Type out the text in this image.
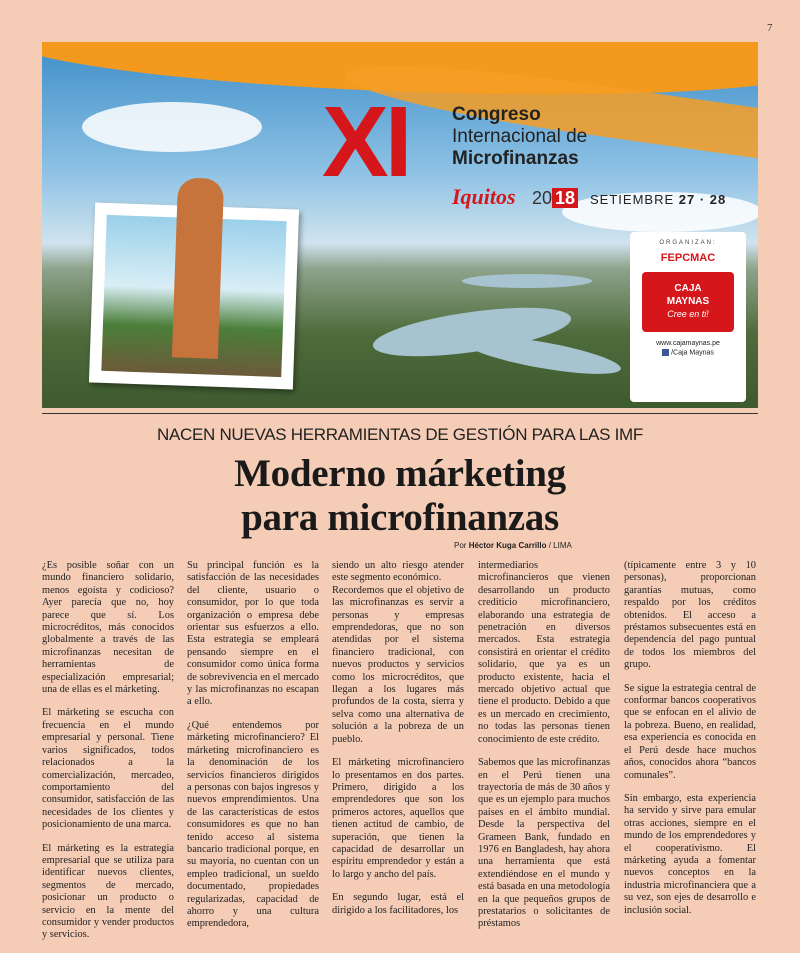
7
XI Congreso
Internacional de
Microfinanzas
Iquitos 20 18 SETIEMBRE 27 · 28
ORGANIZAN:
FEPCMAC
CAJA
MAYNAS
Cree en ti!
www.cajamaynas.pe
/Caja Maynas
NACEN NUEVAS HERRAMIENTAS DE GESTIÓN PARA LAS IMF
Moderno márketing
para microfinanzas
Por Héctor Kuga Carrillo / LIMA

¿Es posible soñar con un mundo financiero solidario, menos egoísta y codicioso? Ayer parecía que no, hoy parece que sí. Los microcréditos, más conocidos globalmente a través de las microfinanzas necesitan de herramientas de especialización empresarial; una de ellas es el márketing.

El márketing se escucha con frecuencia en el mundo empresarial y personal. Tiene varios significados, todos relacionados a la comercialización, mercadeo, comportamiento del consumidor, satisfacción de las necesidades de los clientes y posicionamiento de una marca.

El márketing es la estrategia empresarial que se utiliza para identificar nuevos clientes, segmentos de mercado, posicionar un producto o servicio en la mente del consumidor y vender productos y servicios.

Su principal función es la satisfacción de las necesidades del cliente, usuario o consumidor, por lo que toda organización o empresa debe orientar sus esfuerzos a ello. Esta estrategia se empleará pensando siempre en el consumidor como única forma de sobrevivencia en el mercado y las microfinanzas no escapan a ello.

¿Qué entendemos por márketing microfinanciero? El márketing microfinanciero es la denominación de los servicios financieros dirigidos a personas con bajos ingresos y nuevos emprendimientos. Una de las características de estos consumidores es que no han tenido acceso al sistema bancario tradicional porque, en su mayoría, no cuentan con un empleo tradicional, un sueldo documentado, propiedades regularizadas, capacidad de ahorro y una cultura emprendedora,

siendo un alto riesgo atender este segmento económico.

Recordemos que el objetivo de las microfinanzas es servir a personas y empresas emprendedoras, que no son atendidas por el sistema financiero tradicional, con nuevos productos y servicios como los microcréditos, que llegan a los lugares más profundos de la costa, sierra y selva como una alternativa de solución a la pobreza de un pueblo.

El márketing microfinanciero lo presentamos en dos partes. Primero, dirigido a los emprendedores que son los primeros actores, aquellos que tienen actitud de cambio, de superación, que tienen la capacidad de desarrollar un espíritu emprendedor y están a lo largo y ancho del país.

En segundo lugar, está el dirigido a los facilitadores, los

intermediarios microfinancieros que vienen desarrollando un producto crediticio microfinanciero, elaborando una estrategia de penetración en diversos mercados. Esta estrategia consistirá en orientar el crédito solidario, que ya es un producto existente, hacia el mercado objetivo actual que tiene el producto. Debido a que es un mercado en crecimiento, no todas las personas tienen conocimiento de este crédito.

Sabemos que las microfinanzas en el Perú tienen una trayectoria de más de 30 años y que es un ejemplo para muchos países en el ámbito mundial. Desde la perspectiva del Grameen Bank, fundado en 1976 en Bangladesh, hay ahora una herramienta que está extendiéndose en el mundo y está basada en una metodología en la que pequeños grupos de prestatarios o solicitantes de préstamos

(típicamente entre 3 y 10 personas), proporcionan garantías mutuas, como respaldo por los créditos obtenidos. El acceso a préstamos subsecuentes está en dependencia del pago puntual de todos los miembros del grupo.

Se sigue la estrategia central de conformar bancos cooperativos que se enfocan en el alivio de la pobreza. Bueno, en realidad, esa experiencia es conocida en el Perú desde hace muchos años, conocidos ahora “bancos comunales”.

Sin embargo, esta experiencia ha servido y sirve para emular otras acciones, siempre en el mundo de los emprendedores y el cooperativismo. El márketing ayuda a fomentar nuevos conceptos en la industria microfinanciera que a su vez, son ejes de desarrollo e inclusión social.
